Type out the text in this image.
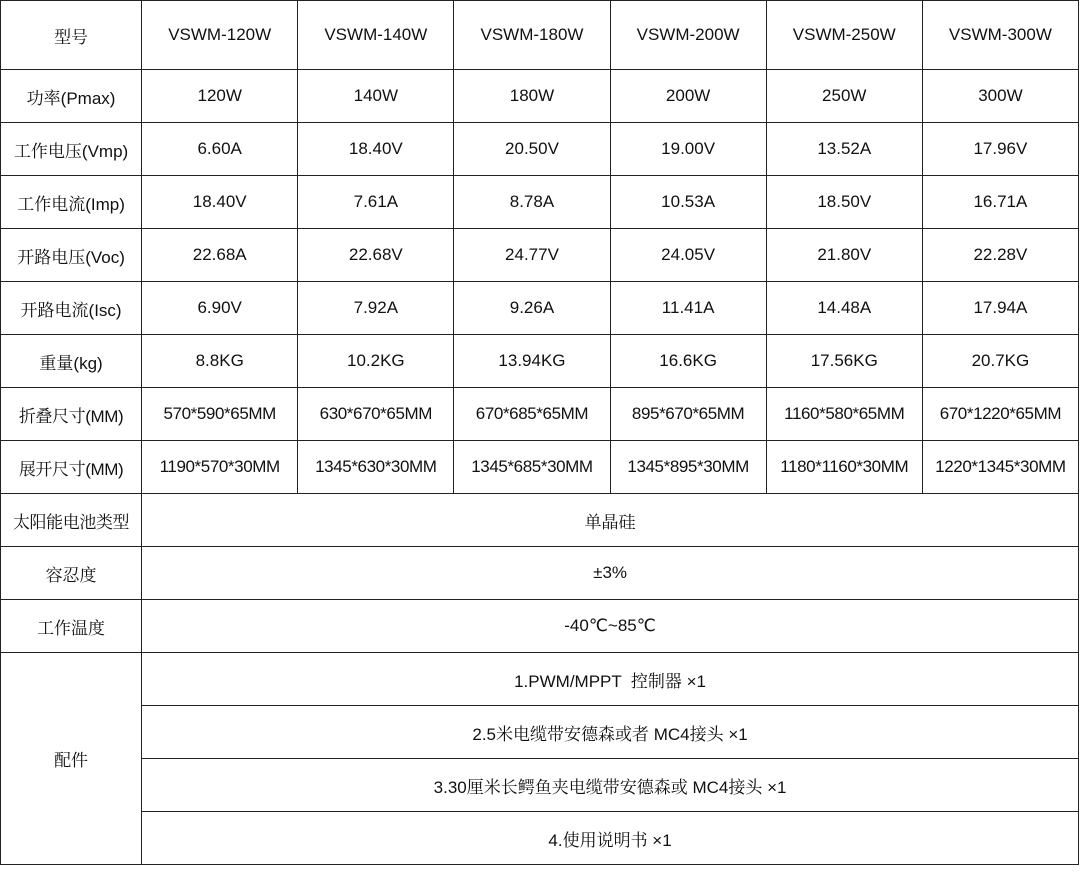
型号	VSWM-120W	VSWM-140W	VSWM-180W	VSWM-200W	VSWM-250W	VSWM-300W
功率(Pmax)	120W	140W	180W	200W	250W	300W
工作电压(Vmp)	6.60A	18.40V	20.50V	19.00V	13.52A	17.96V
工作电流(Imp)	18.40V	7.61A	8.78A	10.53A	18.50V	16.71A
开路电压(Voc)	22.68A	22.68V	24.77V	24.05V	21.80V	22.28V
开路电流(Isc)	6.90V	7.92A	9.26A	11.41A	14.48A	17.94A
重量(kg)	8.8KG	10.2KG	13.94KG	16.6KG	17.56KG	20.7KG
折叠尺寸(MM)	570*590*65MM	630*670*65MM	670*685*65MM	895*670*65MM	1160*580*65MM	670*1220*65MM
展开尺寸(MM)	1190*570*30MM	1345*630*30MM	1345*685*30MM	1345*895*30MM	1180*1160*30MM	1220*1345*30MM
太阳能电池类型	单晶硅					
容忍度	±3%					
工作温度	-40℃~85℃					
配件	1.PWM/MPPT  控制器 ×1					
	2.5米电缆带安德森或者 MC4接头 ×1					
	3.30厘米长鳄鱼夹电缆带安德森或 MC4接头 ×1					
	4.使用说明书 ×1					
